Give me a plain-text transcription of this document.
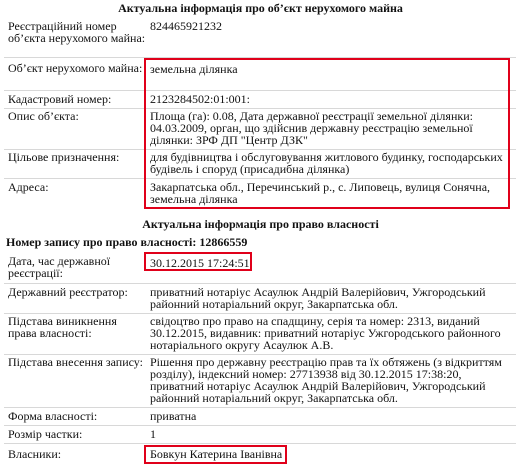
Актуальна інформація про об’єкт нерухомого майна
Реєстраційний номер об’єкта нерухомого майна:
824465921232
Об’єкт нерухомого майна: земельна ділянка
Кадастровий номер:	2123284502:01:001:
Опис об’єкта:	Площа (га): 0.08, Дата державної реєстрації земельної ділянки: 04.03.2009, орган, що здійснив державну реєстрацію земельної ділянки: ЗРФ ДП "Центр ДЗК"
Цільове призначення:	для будівництва і обслуговування житлового будинку, господарських будівель і споруд (присадибна ділянка)
Адреса:	Закарпатська обл., Перечинський р., с. Липовець, вулиця Сонячна, земельна ділянка
Актуальна інформація про право власності
Номер запису про право власності: 12866559
Дата, час державної реєстрації:
30.12.2015 17:24:51
Державний реєстратор:	приватний нотаріус Асаулюк Андрій Валерійович, Ужгородський районний нотаріальний округ, Закарпатська обл.
Підстава виникнення права власності:
свідоцтво про право на спадщину, серія та номер: 2313, виданий 30.12.2015, видавник: приватний нотаріус Ужгородського районного нотаріального округу Асаулюк А.В.
Підстава внесення запису: Рішення про державну реєстрацію прав та їх обтяжень (з відкриттям розділу), індексний номер: 27713938 від 30.12.2015 17:38:20, приватний нотаріус Асаулюк Андрій Валерійович, Ужгородський районний нотаріальний округ, Закарпатська обл.
Форма власності:	приватна
Розмір частки:	1
Власники:	Бовкун Катерина Іванівна
